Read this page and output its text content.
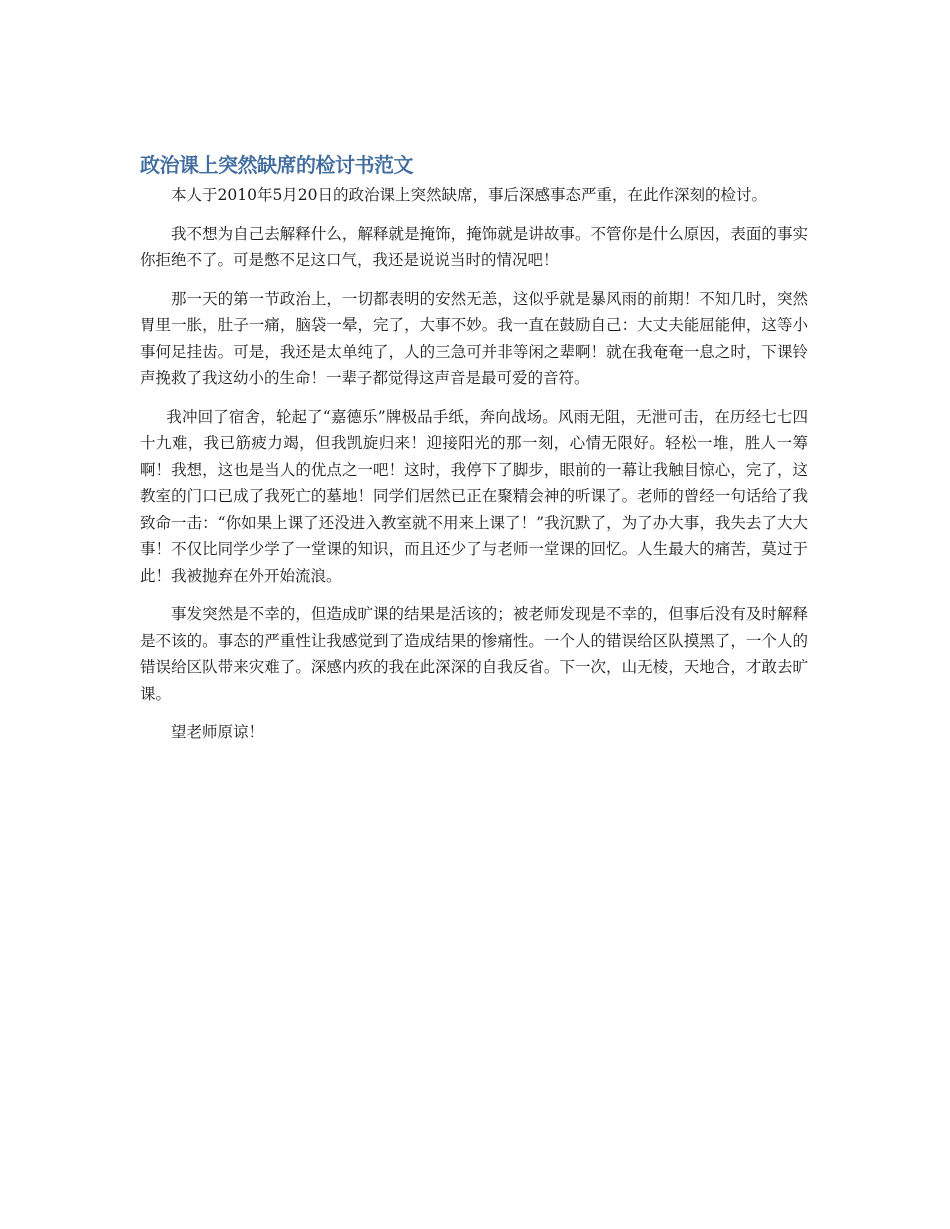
政治课上突然缺席的检讨书范文

本人于2010年5月20日的政治课上突然缺席，事后深感事态严重，在此作深刻的检讨。

我不想为自己去解释什么，解释就是掩饰，掩饰就是讲故事。不管你是什么原因，表面的事实你拒绝不了。可是憋不足这口气，我还是说说当时的情况吧！

那一天的第一节政治上，一切都表明的安然无恙，这似乎就是暴风雨的前期！不知几时，突然胃里一胀，肚子一痛，脑袋一晕，完了，大事不妙。我一直在鼓励自己：大丈夫能屈能伸，这等小事何足挂齿。可是，我还是太单纯了，人的三急可并非等闲之辈啊！就在我奄奄一息之时，下课铃声挽救了我这幼小的生命！一辈子都觉得这声音是最可爱的音符。

我冲回了宿舍，轮起了“嘉德乐”牌极品手纸，奔向战场。风雨无阻，无泄可击，在历经七七四十九难，我已筋疲力竭，但我凯旋归来！迎接阳光的那一刻，心情无限好。轻松一堆，胜人一筹啊！我想，这也是当人的优点之一吧！这时，我停下了脚步，眼前的一幕让我触目惊心，完了，这教室的门口已成了我死亡的墓地！同学们居然已正在聚精会神的听课了。老师的曾经一句话给了我致命一击：“你如果上课了还没进入教室就不用来上课了！”我沉默了，为了办大事，我失去了大大事！不仅比同学少学了一堂课的知识，而且还少了与老师一堂课的回忆。人生最大的痛苦，莫过于此！我被抛弃在外开始流浪。

事发突然是不幸的，但造成旷课的结果是活该的；被老师发现是不幸的，但事后没有及时解释是不该的。事态的严重性让我感觉到了造成结果的惨痛性。一个人的错误给区队摸黑了，一个人的错误给区队带来灾难了。深感内疚的我在此深深的自我反省。下一次，山无棱，天地合，才敢去旷课。

望老师原谅！
